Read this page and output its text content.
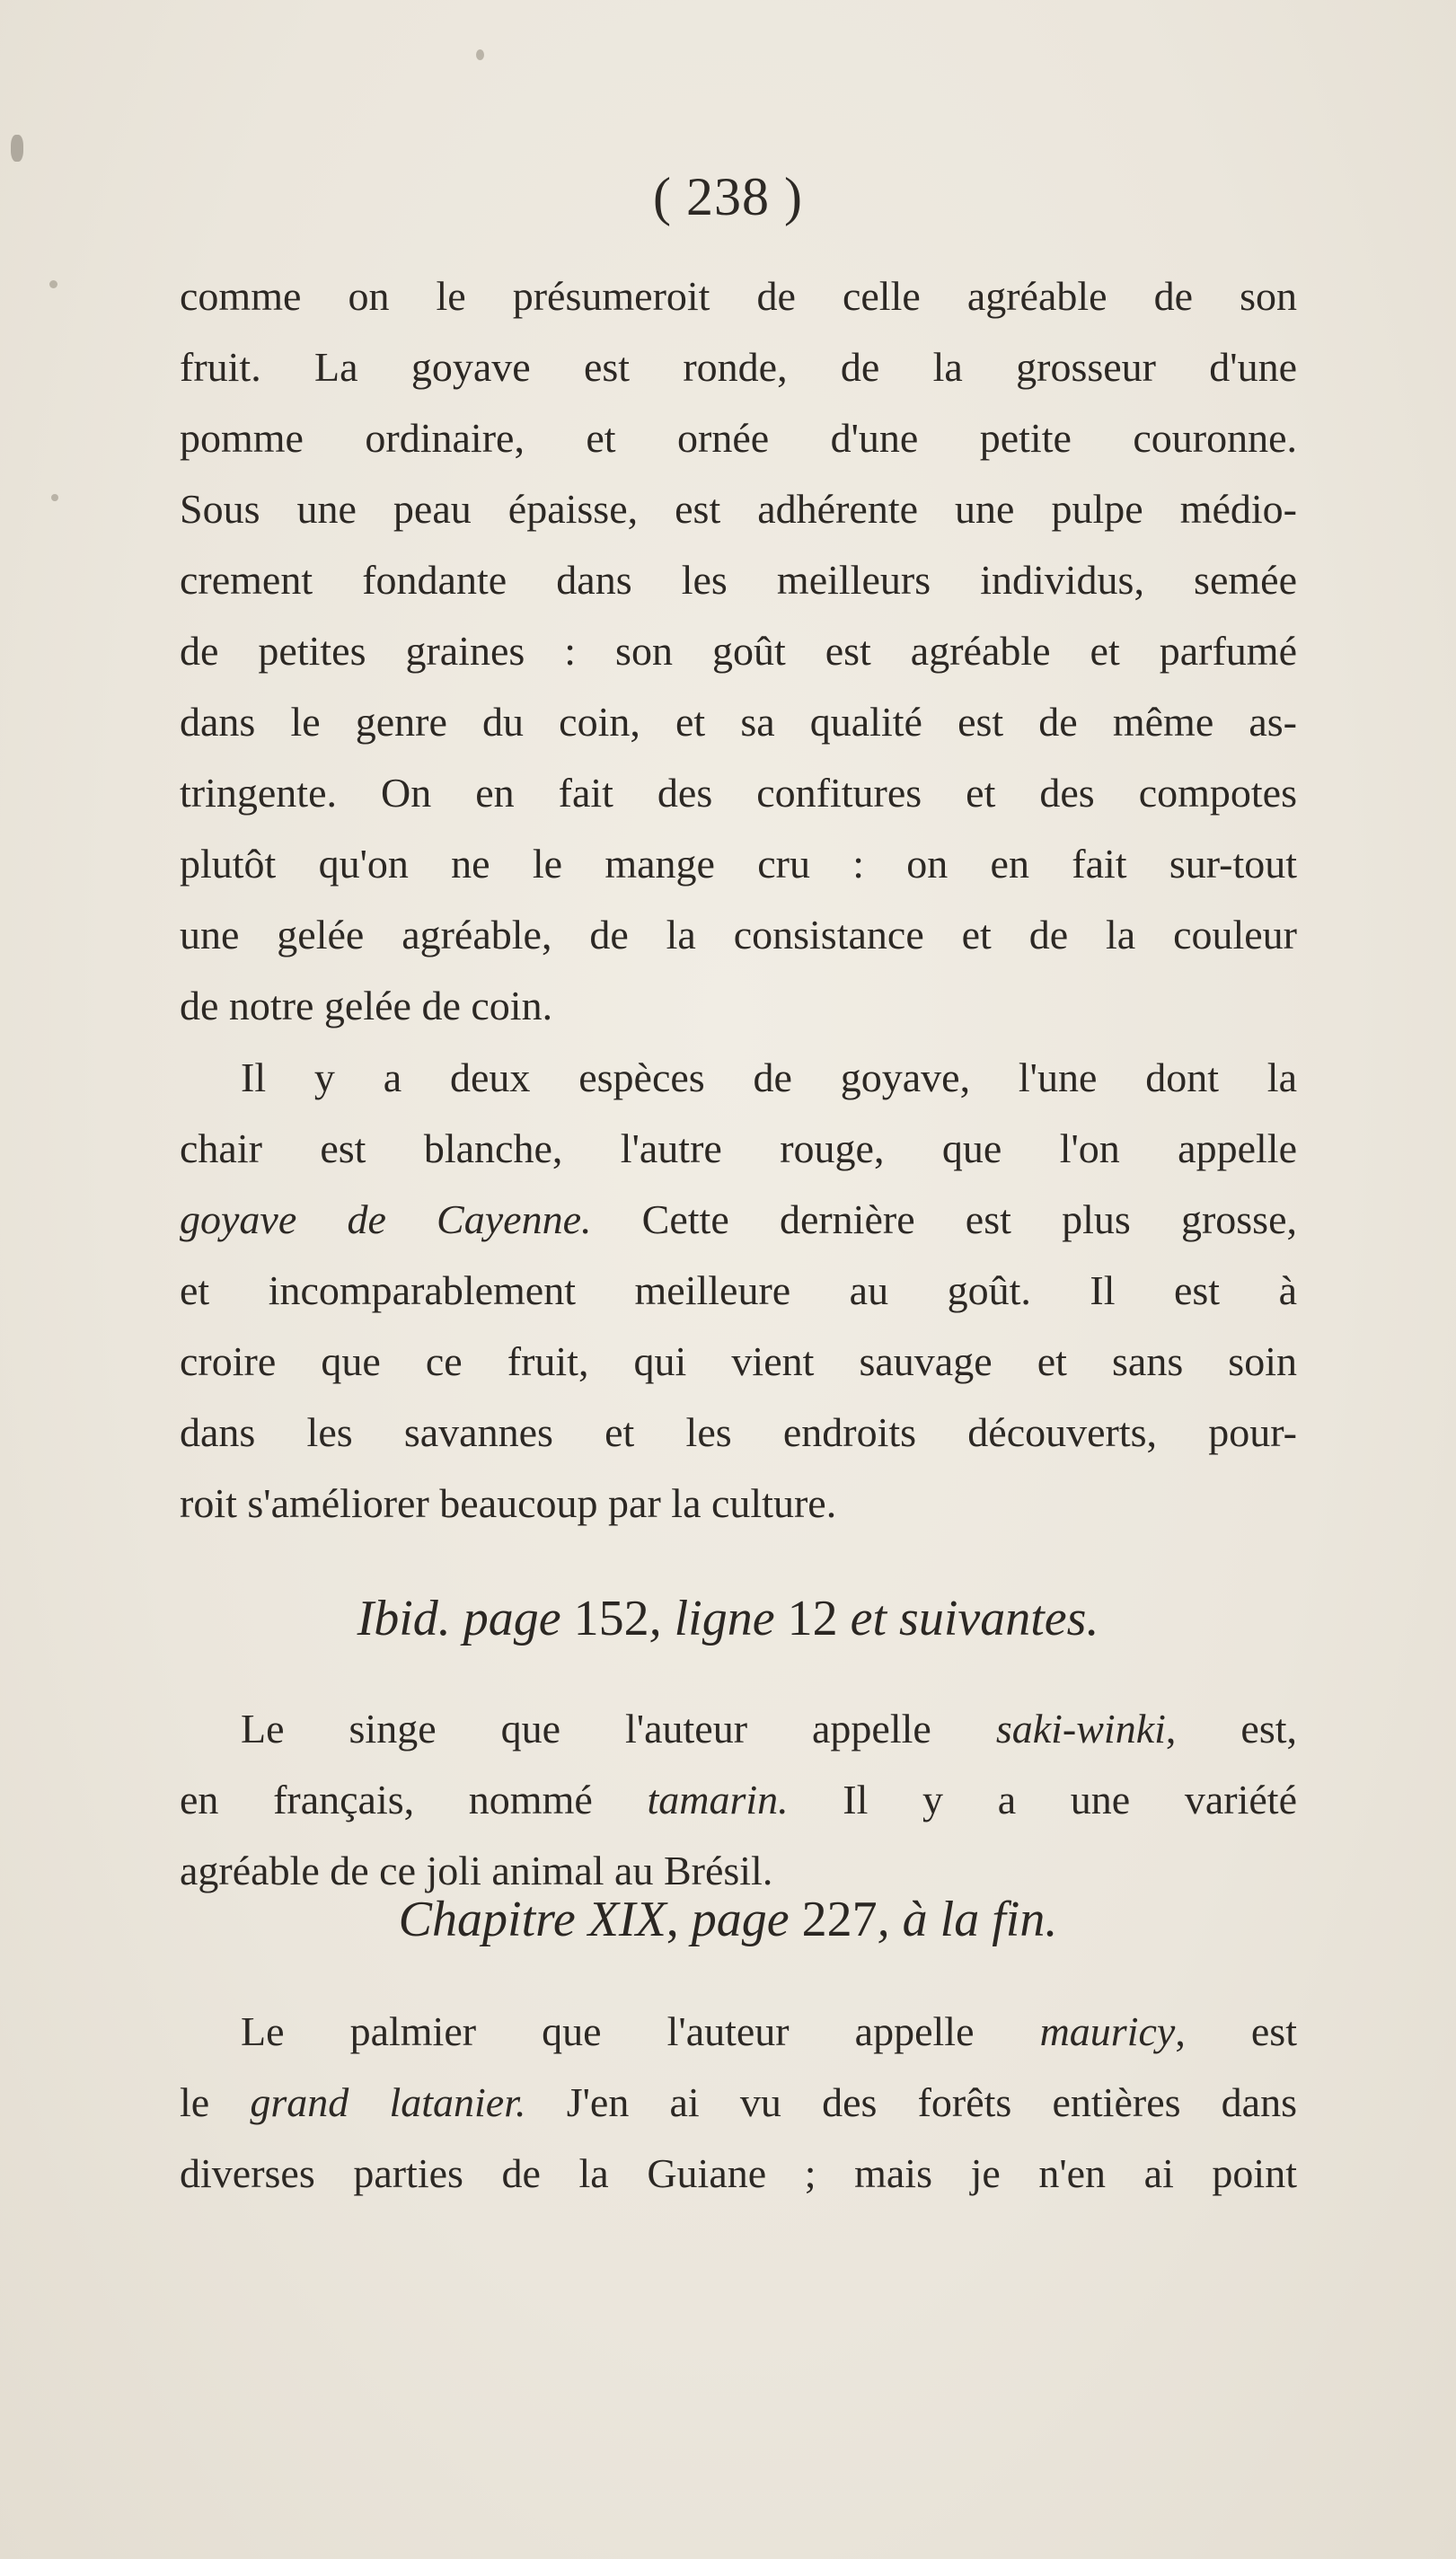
( 238 )
comme on le présumeroit de celle agréable de son
fruit. La goyave est ronde, de la grosseur d'une
pomme ordinaire, et ornée d'une petite couronne.
Sous une peau épaisse, est adhérente une pulpe médio-
crement fondante dans les meilleurs individus, semée
de petites graines : son goût est agréable et parfumé
dans le genre du coin, et sa qualité est de même as-
tringente. On en fait des confitures et des compotes
plutôt qu'on ne le mange cru : on en fait sur-tout
une gelée agréable, de la consistance et de la couleur
de notre gelée de coin.
Il y a deux espèces de goyave, l'une dont la
chair est blanche, l'autre rouge, que l'on appelle
goyave de Cayenne. Cette dernière est plus grosse,
et incomparablement meilleure au goût. Il est à
croire que ce fruit, qui vient sauvage et sans soin
dans les savannes et les endroits découverts, pour-
roit s'améliorer beaucoup par la culture.
Ibid. page 152, ligne 12 et suivantes.
Le singe que l'auteur appelle saki-winki, est,
en français, nommé tamarin. Il y a une variété
agréable de ce joli animal au Brésil.
Chapitre XIX, page 227, à la fin.
Le palmier que l'auteur appelle mauricy, est
le grand latanier. J'en ai vu des forêts entières dans
diverses parties de la Guiane ; mais je n'en ai point
